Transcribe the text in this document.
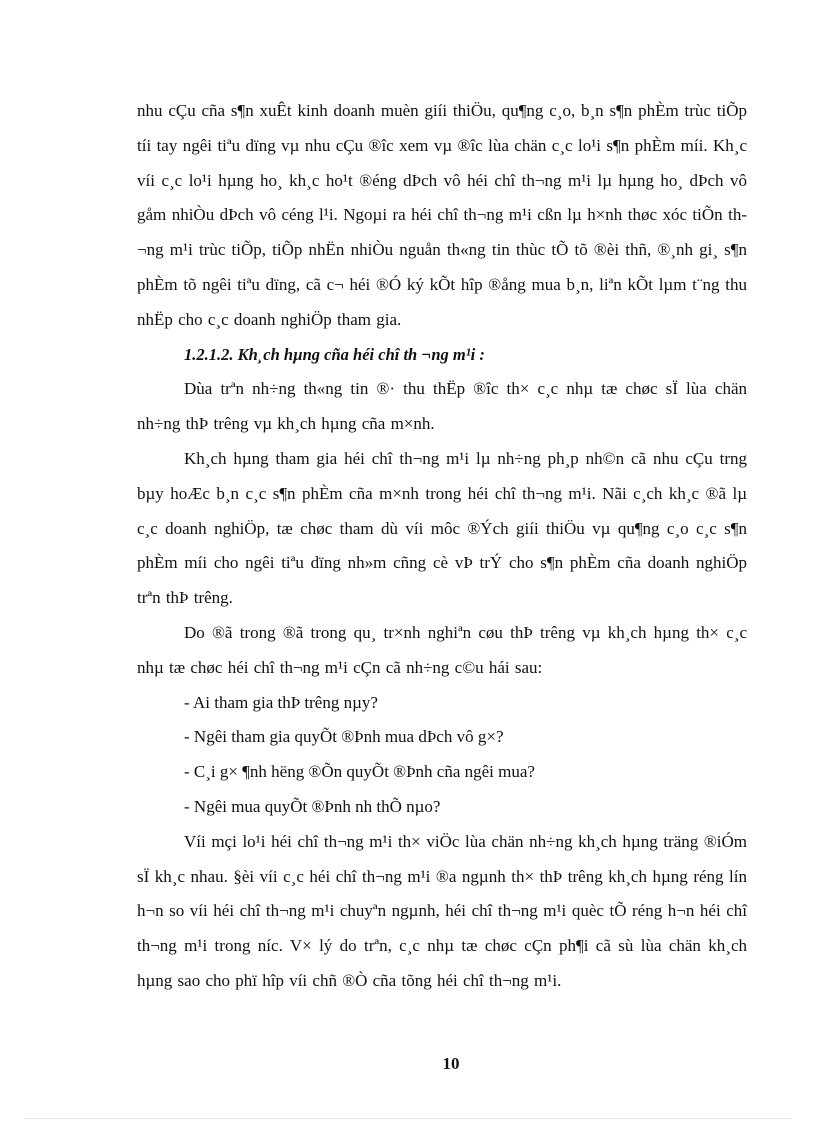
nhu cÇu cña s¶n xuÊt kinh doanh muèn giíi thiÖu, qu¶ng c¸o, b¸n s¶n phÈm trùc tiÕp tíi tay ngêi tiªu dïng vµ nhu cÇu ®îc xem vµ ®îc lùa chän c¸c lo¹i s¶n phÈm míi. Kh¸c víi c¸c lo¹i hµng ho¸ kh¸c ho¹t ®éng dÞch vô héi chî th¬ng m¹i lµ hµng ho¸ dÞch vô gåm nhiÒu dÞch vô céng l¹i. Ngoµi ra héi chî th¬ng m¹i cßn lµ h×nh thøc xóc tiÕn th¬ng m¹i trùc tiÕp, tiÕp nhËn nhiÒu nguån th«ng tin thùc tÕ tõ ®èi thñ, ®¸nh gi¸ s¶n phÈm tõ ngêi tiªu dïng, cã c¬ héi ®Ó ký kÕt hîp ®ång mua b¸n, liªn kÕt lµm t¨ng thu nhËp cho c¸c doanh nghiÖp tham gia.

1.2.1.2. Kh¸ch hµng cña héi chî th ¬ng m¹i :

Dùa trªn nh÷ng th«ng tin ®· thu thËp ®îc th× c¸c nhµ tæ chøc sÏ lùa chän nh÷ng thÞ trêng vµ kh¸ch hµng cña m×nh.

Kh¸ch hµng tham gia héi chî th¬ng m¹i lµ nh÷ng ph¸p nh©n cã nhu cÇu trng bµy hoÆc b¸n c¸c s¶n phÈm cña m×nh trong héi chî th¬ng m¹i. Nãi c¸ch kh¸c ®ã lµ c¸c doanh nghiÖp, tæ chøc tham dù víi môc ®Ých giíi thiÖu vµ qu¶ng c¸o c¸c s¶n phÈm míi cho ngêi tiªu dïng nh»m cñng cè vÞ trÝ cho s¶n phÈm cña doanh nghiÖp trªn thÞ trêng.

Do ®ã trong ®ã trong qu¸ tr×nh nghiªn cøu thÞ trêng vµ kh¸ch hµng th× c¸c nhµ tæ chøc héi chî th¬ng m¹i cÇn cã nh÷ng c©u hái sau:

- Ai tham gia thÞ trêng nµy?

- Ngêi tham gia quyÕt ®Þnh mua dÞch vô g×?

- C¸i g× ¶nh hëng ®Õn quyÕt ®Þnh cña ngêi mua?

- Ngêi mua quyÕt ®Þnh nh thÕ nµo?

Víi mçi lo¹i héi chî th¬ng m¹i th× viÖc lùa chän nh÷ng kh¸ch hµng träng ®iÓm sÏ kh¸c nhau. §èi víi c¸c héi chî th¬ng m¹i ®a ngµnh th× thÞ trêng kh¸ch hµng réng lín h¬n so víi héi chî th¬ng m¹i chuyªn ngµnh, héi chî th¬ng m¹i quèc tÕ réng h¬n héi chî th¬ng m¹i trong níc. V× lý do trªn, c¸c nhµ tæ chøc cÇn ph¶i cã sù lùa chän kh¸ch hµng sao cho phï hîp víi chñ ®Ò cña tõng héi chî th¬ng m¹i.

10
